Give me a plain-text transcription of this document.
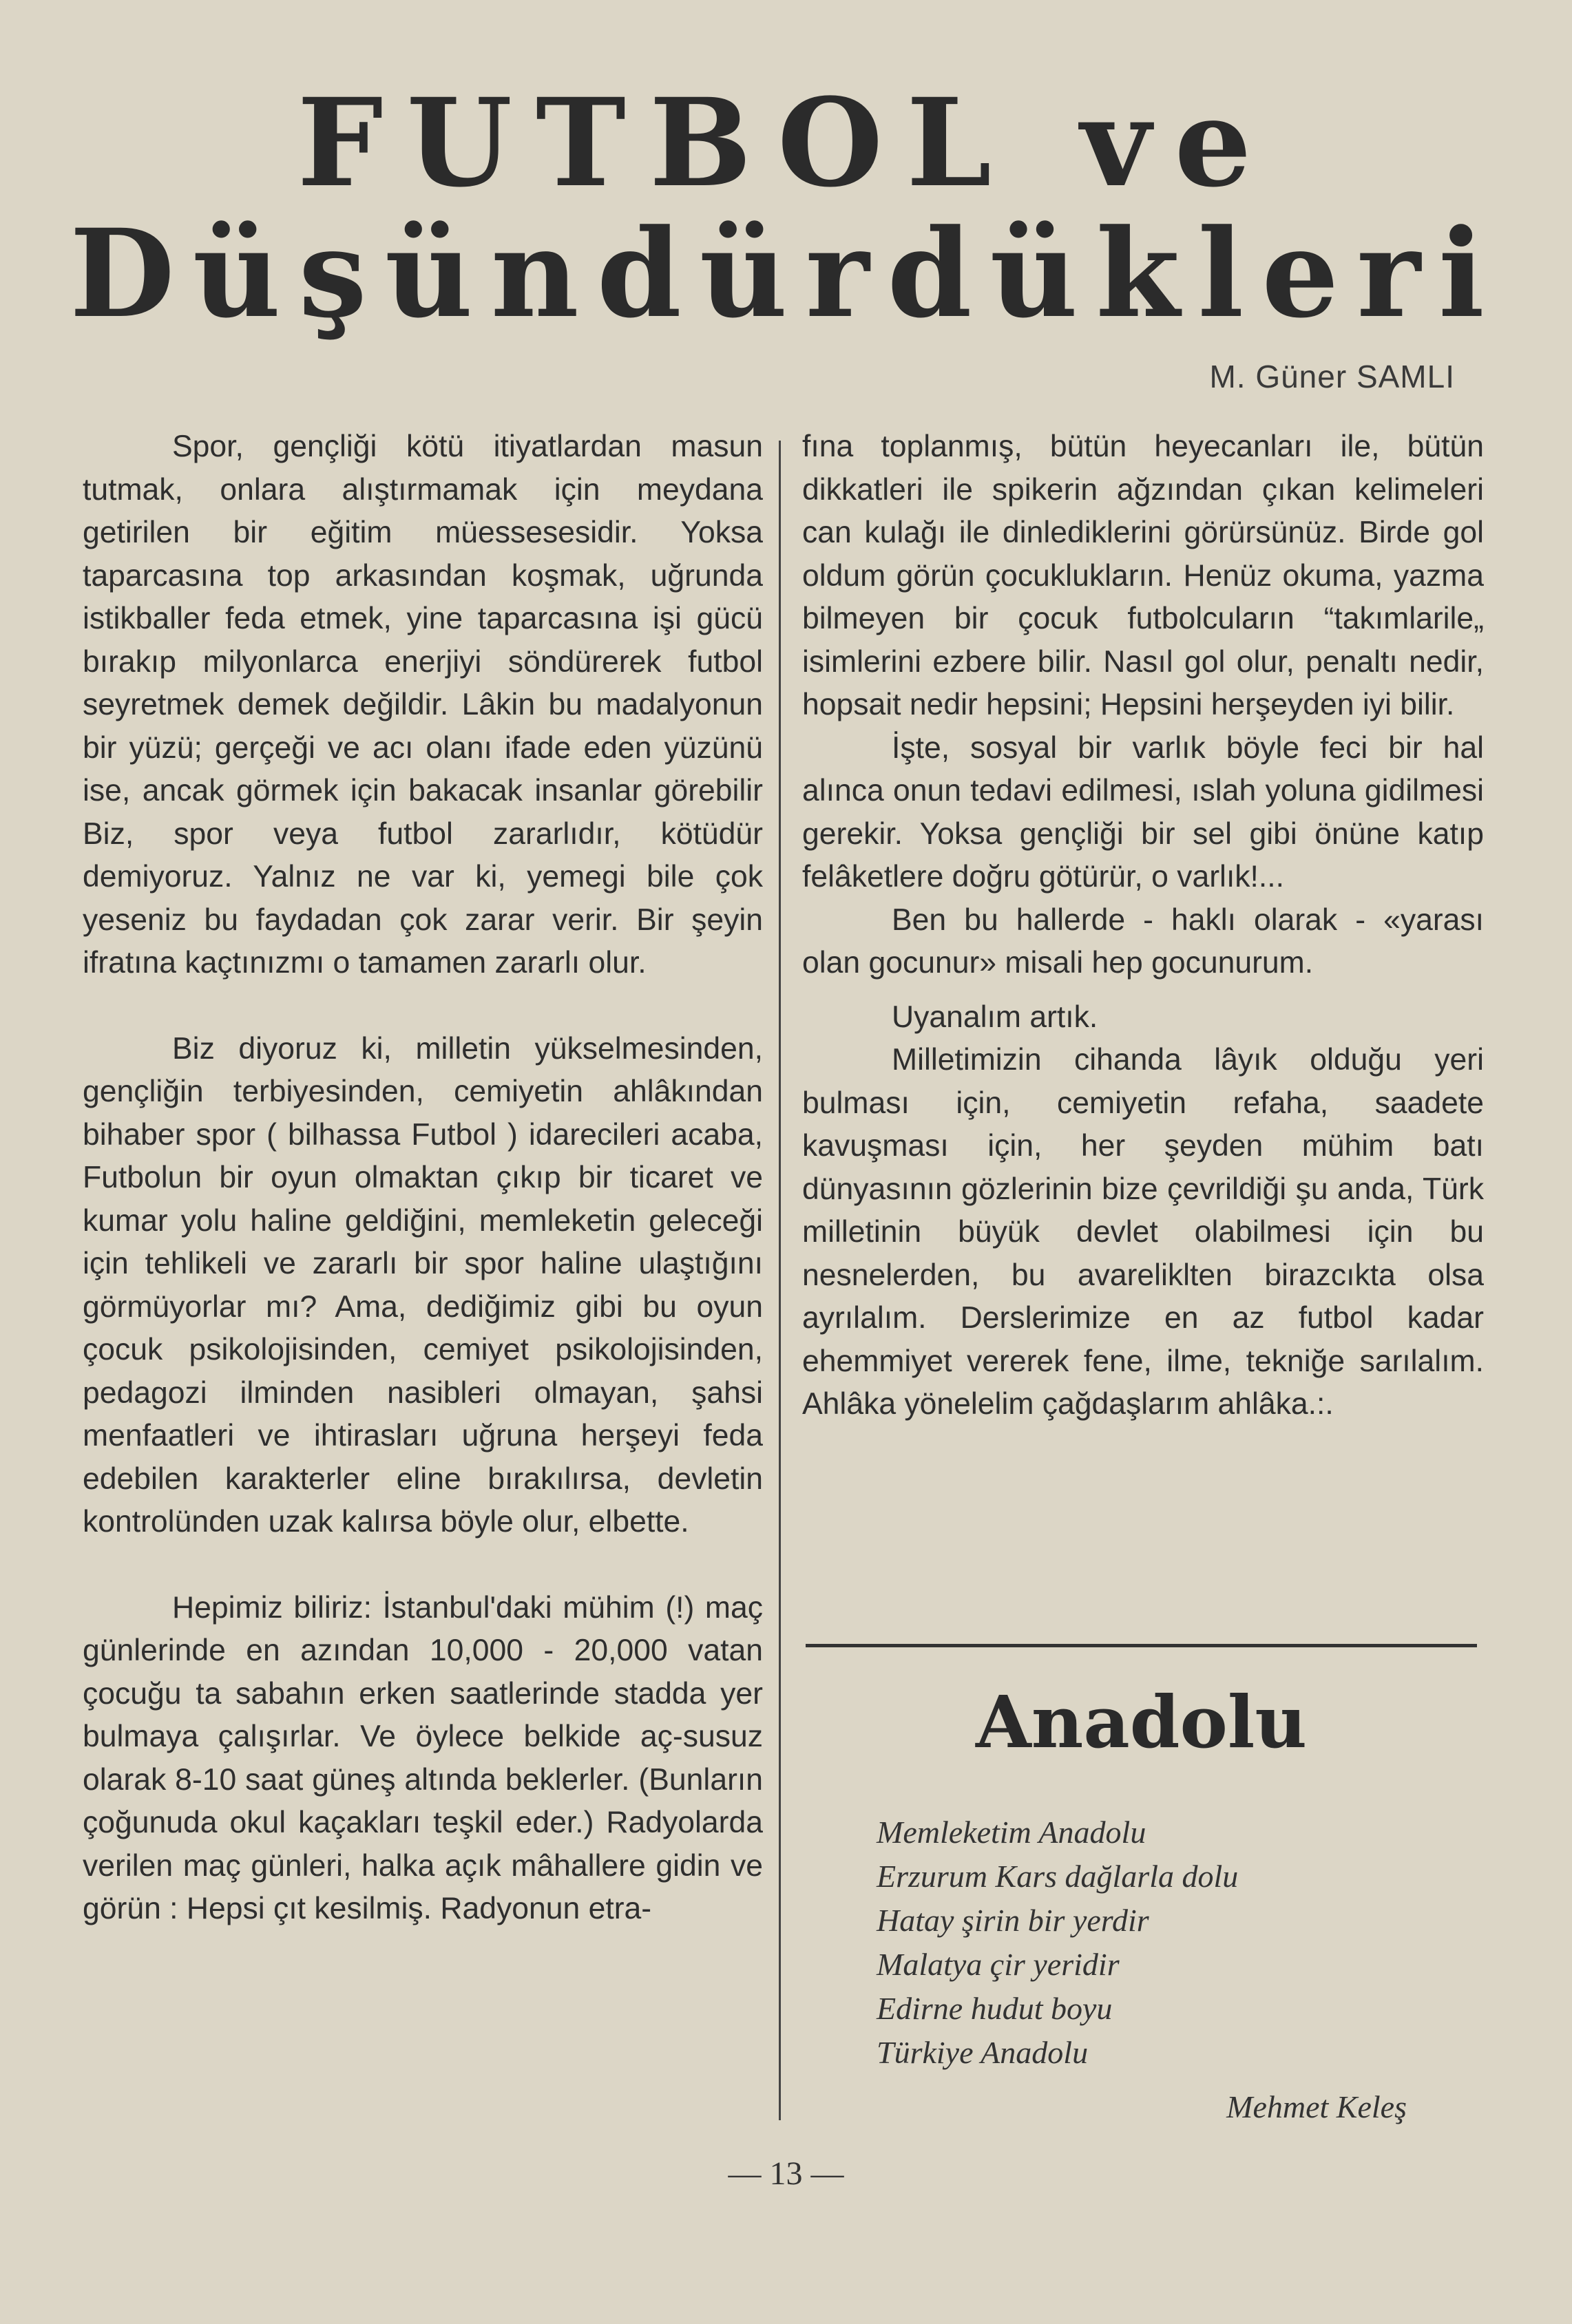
FUTBOL ve
Düşündürdükleri
M. Güner SAMLI

Spor, gençliği kötü itiyatlardan masun tutmak, onlara alıştırmamak için meydana getirilen bir eğitim müessesesidir. Yoksa taparcasına top arkasından koşmak, uğrunda istikballer feda etmek, yine taparcasına işi gücü bırakıp milyonlarca enerjiyi söndürerek futbol seyretmek demek değildir. Lâkin bu madalyonun bir yüzü; gerçeği ve acı olanı ifade eden yüzünü ise, ancak görmek için bakacak insanlar görebilir Biz, spor veya futbol zararlıdır, kötüdür demiyoruz. Yalnız ne var ki, yemegi bile çok yeseniz bu faydadan çok zarar verir. Bir şeyin ifratına kaçtınızmı o tamamen zararlı olur.

Biz diyoruz ki, milletin yükselmesinden, gençliğin terbiyesinden, cemiyetin ahlâkından bihaber spor ( bilhassa Futbol ) idarecileri acaba, Futbolun bir oyun olmaktan çıkıp bir ticaret ve kumar yolu haline geldiğini, memleketin geleceği için tehlikeli ve zararlı bir spor haline ulaştığını görmüyorlar mı? Ama, dediğimiz gibi bu oyun çocuk psikolojisinden, cemiyet psikolojisinden, pedagozi ilminden nasibleri olmayan, şahsi menfaatleri ve ihtirasları uğruna herşeyi feda edebilen karakterler eline bırakılırsa, devletin kontrolünden uzak kalırsa böyle olur, elbette.

Hepimiz biliriz: İstanbul'daki mühim (!) maç günlerinde en azından 10,000 - 20,000 vatan çocuğu ta sabahın erken saatlerinde stadda yer bulmaya çalışırlar. Ve öylece belkide aç-susuz olarak 8-10 saat güneş altında beklerler. (Bunların çoğunuda okul kaçakları teşkil eder.) Radyolarda verilen maç günleri, halka açık mâhallere gidin ve görün : Hepsi çıt kesilmiş. Radyonun etra-

fına toplanmış, bütün heyecanları ile, bütün dikkatleri ile spikerin ağzından çıkan kelimeleri can kulağı ile dinlediklerini görürsünüz. Birde gol oldum görün çocuklukların. Henüz okuma, yazma bilmeyen bir çocuk futbolcuların “takımlarile„ isimlerini ezbere bilir. Nasıl gol olur, penaltı nedir, hopsait nedir hepsini; Hepsini herşeyden iyi bilir.

İşte, sosyal bir varlık böyle feci bir hal alınca onun tedavi edilmesi, ıslah yoluna gidilmesi gerekir. Yoksa gençliği bir sel gibi önüne katıp felâketlere doğru götürür, o varlık!...

Ben bu hallerde - haklı olarak - «yarası olan gocunur» misali hep gocunurum.

Uyanalım artık.

Milletimizin cihanda lâyık olduğu yeri bulması için, cemiyetin refaha, saadete kavuşması için, her şeyden mühim batı dünyasının gözlerinin bize çevrildiği şu anda, Türk milletinin büyük devlet olabilmesi için bu nesnelerden, bu avareliklten birazcıkta olsa ayrılalım. Derslerimize en az futbol kadar ehemmiyet vererek fene, ilme, tekniğe sarılalım. Ahlâka yönelelim çağdaşlarım ahlâka.:.

Anadolu
Memleketim Anadolu
Erzurum Kars dağlarla dolu
Hatay şirin bir yerdir
Malatya çir yeridir
Edirne hudut boyu
Türkiye Anadolu
Mehmet Keleş
— 13 —
